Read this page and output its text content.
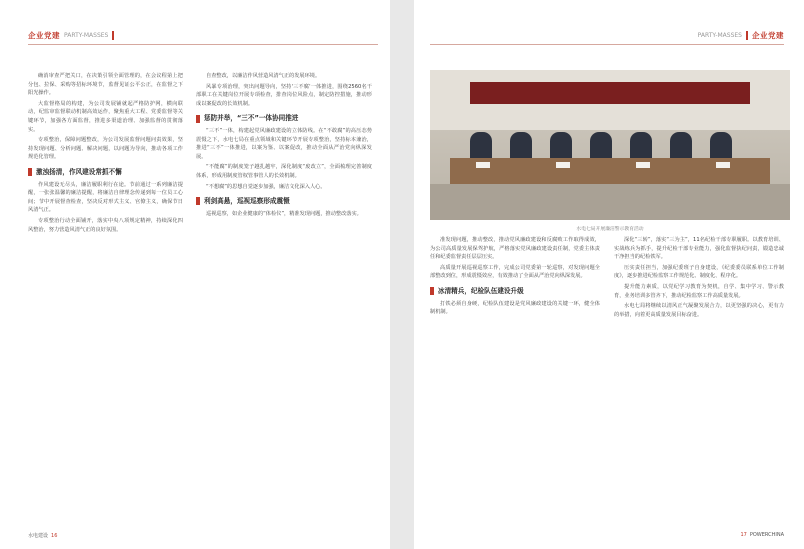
企业党建 PARTY-MASSES

确消审查严把关口，在决策引领全面管理的，在会议程第上把分包、拉保、采购等招标环境节，监督见证公平公正，在监督之下阳光操作。

大监督格局的构建，为公司发展铺就起严格防护网，横向联动，纪监审监督联动机制高效运作，聚焦重大工程、党委监督等关键环节，加强各方面监督，推进多渠道治理、加强监督的贯彻落实。

专项整治，保障问题整改，为公司发展监督问题问责效果，坚持发现问题、分析问题、解决问题，以问题为导向，推动各项工作规范化管理。

激浊扬清，作风建设常抓不懈

作风建设无尽头，廉洁履职利行在途。节前通过一系列廉洁提醒，一张张温馨的廉洁提醒，将廉洁自律理念传递到每一位员工心间；节中开展督查检查，坚决反对形式主义、官僚主义，确保节日风清气正。

专项整治行动全面铺开，落实中央八项规定精神，持续深化四风整治，努力营造风清气正的良好氛围。

自查整改，以廉洁作风营造风清气正的发展环境。

风暴专项治理，突出问题导向，坚持'三不腐'一体推进，围绕2560名干部职工在关键岗位开展专项检查，排查岗位风险点，制定防控措施，推动形成以案促改的长效机制。

惩防并举，“三不”一体协同推进

“三不”一体，构建起党风廉政建设的立体防线。在“不敢腐”的高压态势震慑之下，水电七局在重点领域和关键环节开展专项整治，坚持标本兼治，推进“三不”一体推进，以案为鉴、以案促改，推动全面从严治党向纵深发展。

“不能腐”的制度笼子越扎越牢，深化制度“废改立”，全面梳理完善制度体系，形成用制度管权管事管人的长效机制。

“不想腐”的思想自觉逐步加强，廉洁文化深入人心。

利剑高悬，巡视巡察形成震慑

巡视巡察，如企业健康的“体检仪”，精准发现问题，推动整改落实。

水电建设 16
PARTY-MASSES 企业党建

准发现问题，推动整改，推动党风廉政建设和反腐败工作取得成效，为公司高质量发展保驾护航，严格落实党风廉政建设责任制，党委主体责任和纪委监督责任层层压实。

高质量开展巡视巡察工作，完成公司党委第一轮巡察，对发现问题全部整改到位，形成震慑效应，有效推动了全面从严治党向纵深发展。

冰清精兵，纪检队伍建设升级

打铁必须自身硬，纪检队伍建设是党风廉政建设的关键一环，健全体制机制。

深化“三转”，落实“三为主”，11名纪检干部专职履职。以教育培训、实战练兵为抓手，提升纪检干部专业能力，强化监督执纪问责，锻造忠诚干净担当的纪检铁军。

压实责任担当，加强纪委班子自身建设，《纪委委员联系单位工作制度》，逐步推进纪检监察工作规范化、制度化、程序化。

提升能力素质，以党纪学习教育为契机，自学、集中学习、警示教育，业务培训多管齐下，推动纪检监察工作高质量发展。

水电七局将继续以清风正气凝聚发展合力，以更坚强的决心，更有力的举措，向着更高质量发展目标奋进。

17 POWERCHINA
水电七局开展廉洁警示教育活动
